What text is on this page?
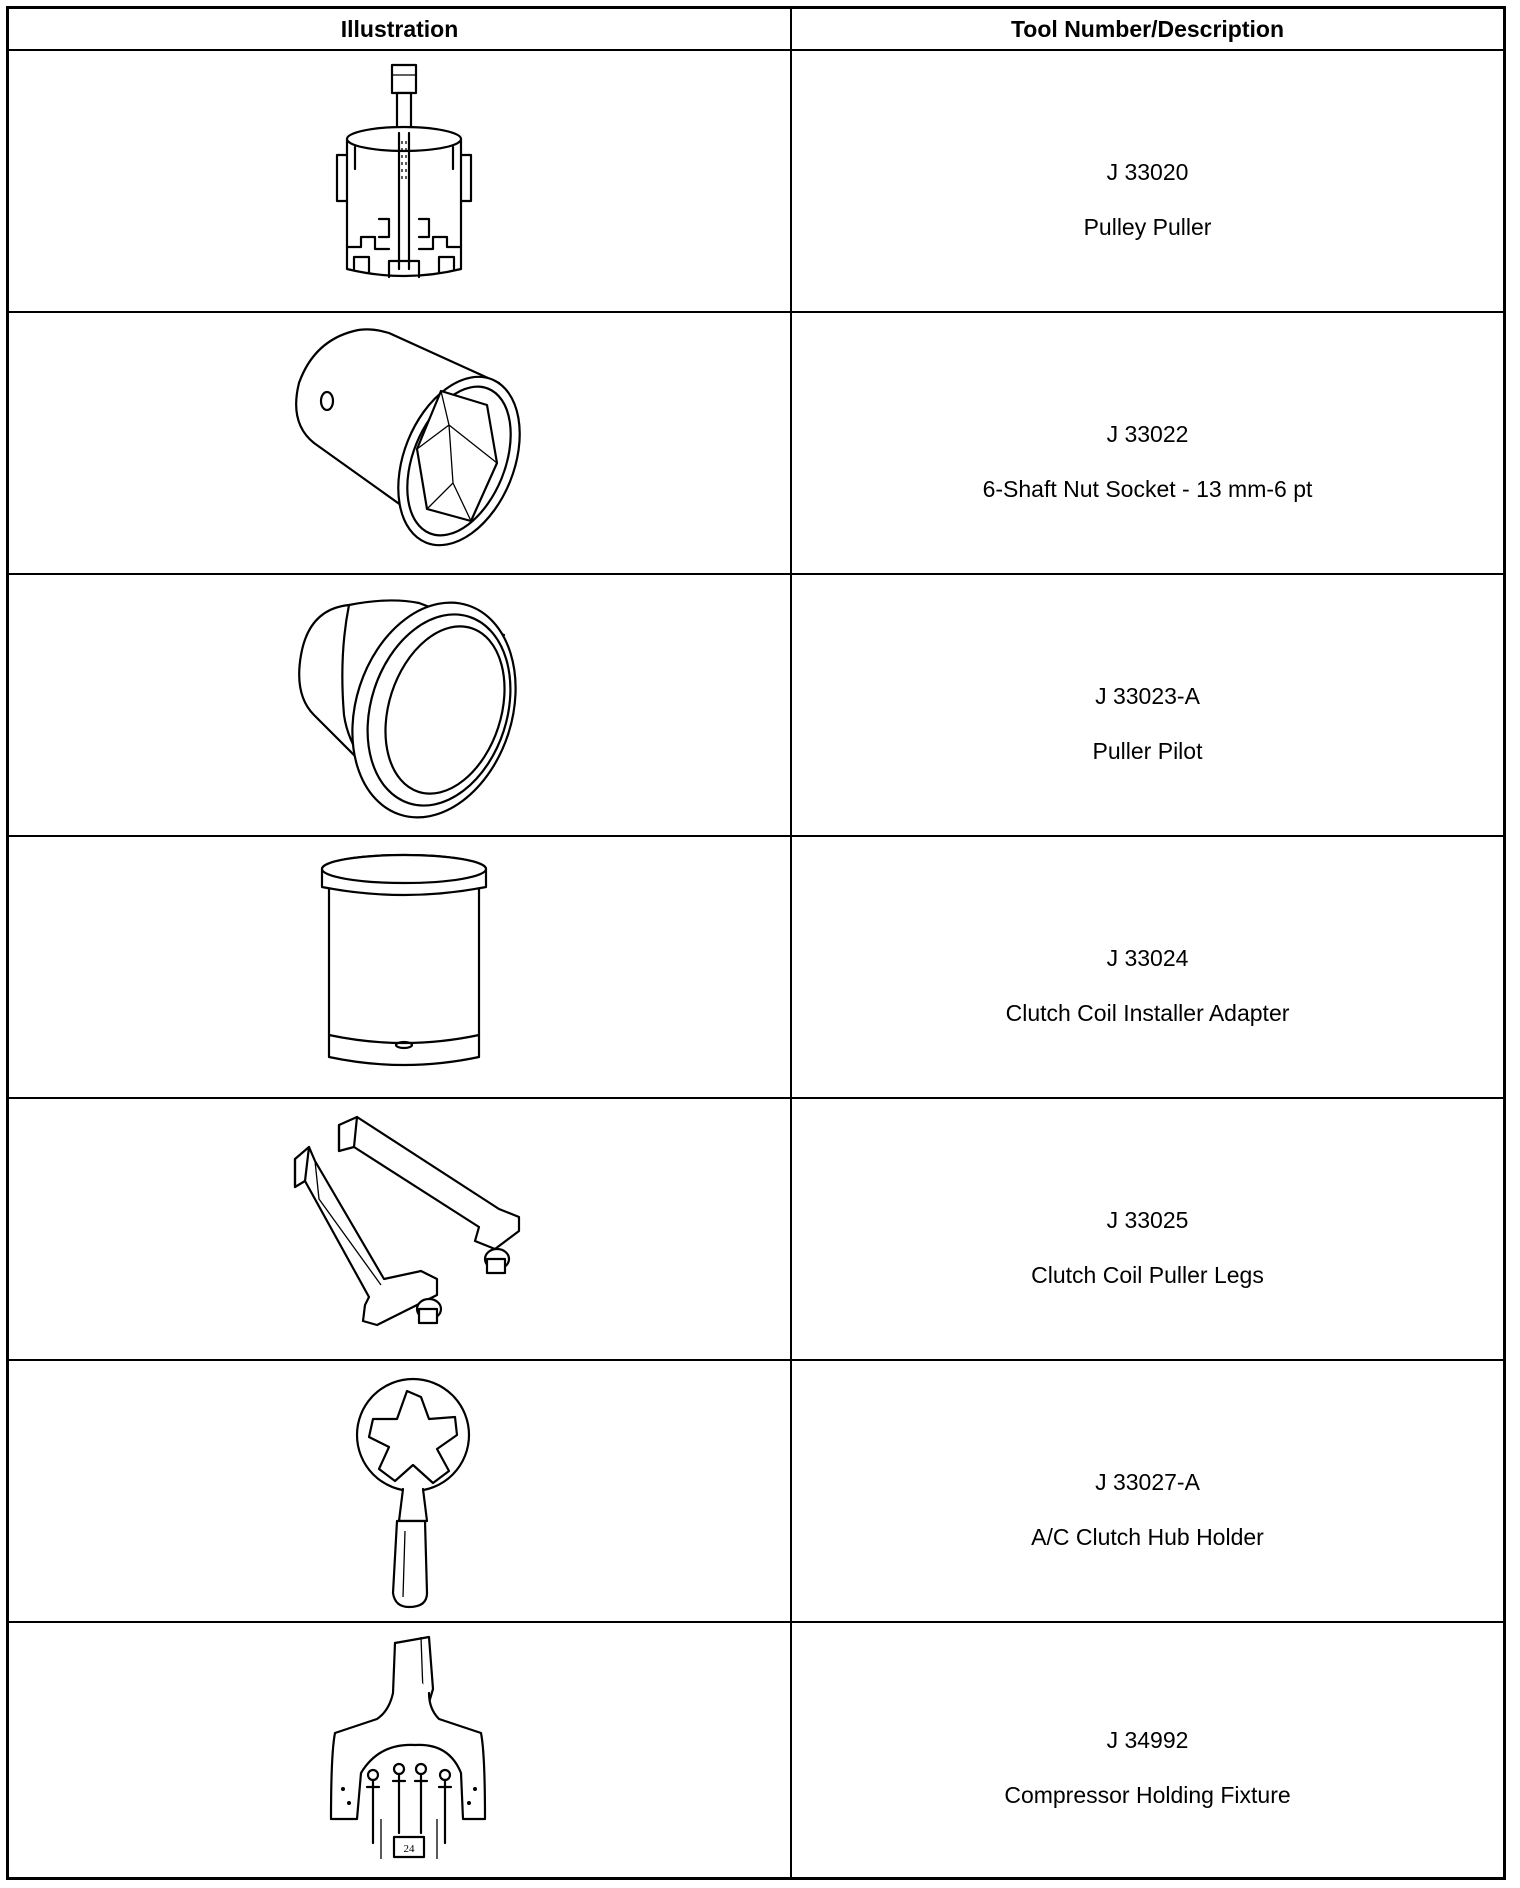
Illustration	Tool Number/Description
J 33020
Pulley Puller
J 33022
6-Shaft Nut Socket - 13 mm-6 pt
J 33023-A
Puller Pilot
J 33024
Clutch Coil Installer Adapter
J 33025
Clutch Coil Puller Legs
J 33027-A
A/C Clutch Hub Holder
24
J 34992
Compressor Holding Fixture
